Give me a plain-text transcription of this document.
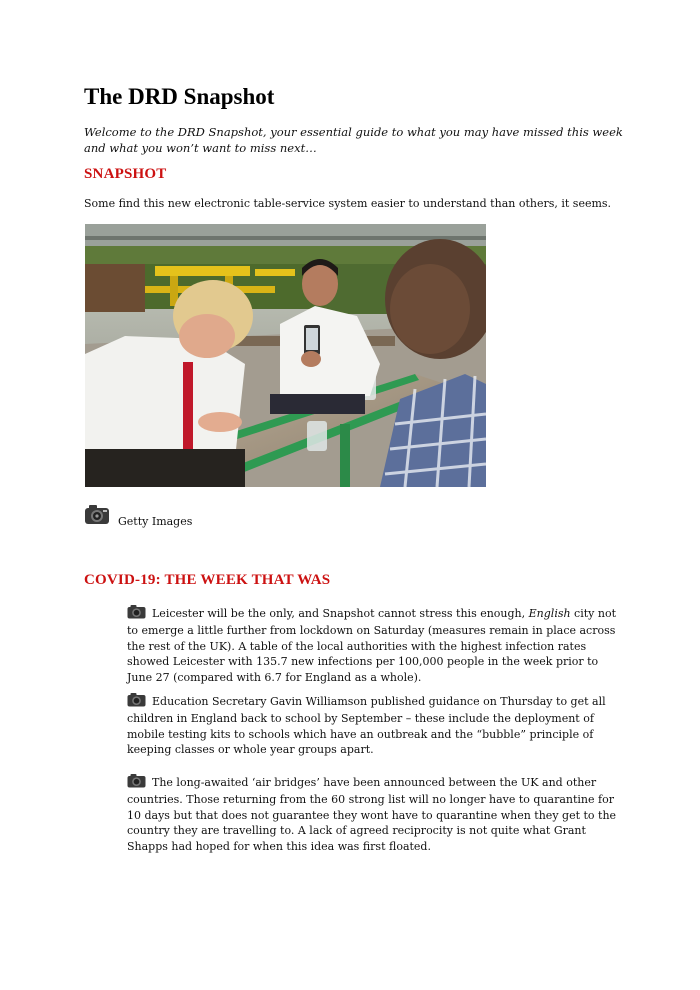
The DRD Snapshot

Welcome to the DRD Snapshot, your essential guide to what you may have missed this week and what you won’t want to miss next…

SNAPSHOT

Some find this new electronic table-service system easier to understand than others, it seems.

Getty Images
COVID-19: THE WEEK THAT WAS

Leicester will be the only, and Snapshot cannot stress this enough, English city not to emerge a little further from lockdown on Saturday (measures remain in place across the rest of the UK). A table of the local authorities with the highest infection rates showed Leicester with 135.7 new infections per 100,000 people in the week prior to June 27 (compared with 6.7 for England as a whole).

Education Secretary Gavin Williamson published guidance on Thursday to get all children in England back to school by September – these include the deployment of mobile testing kits to schools which have an outbreak and the “bubble” principle of keeping classes or whole year groups apart.

The long-awaited ‘air bridges’ have been announced between the UK and other countries. Those returning from the 60 strong list will no longer have to quarantine for 10 days but that does not guarantee they wont have to quarantine when they get to the country they are travelling to. A lack of agreed reciprocity is not quite what Grant Shapps had hoped for when this idea was first floated.
